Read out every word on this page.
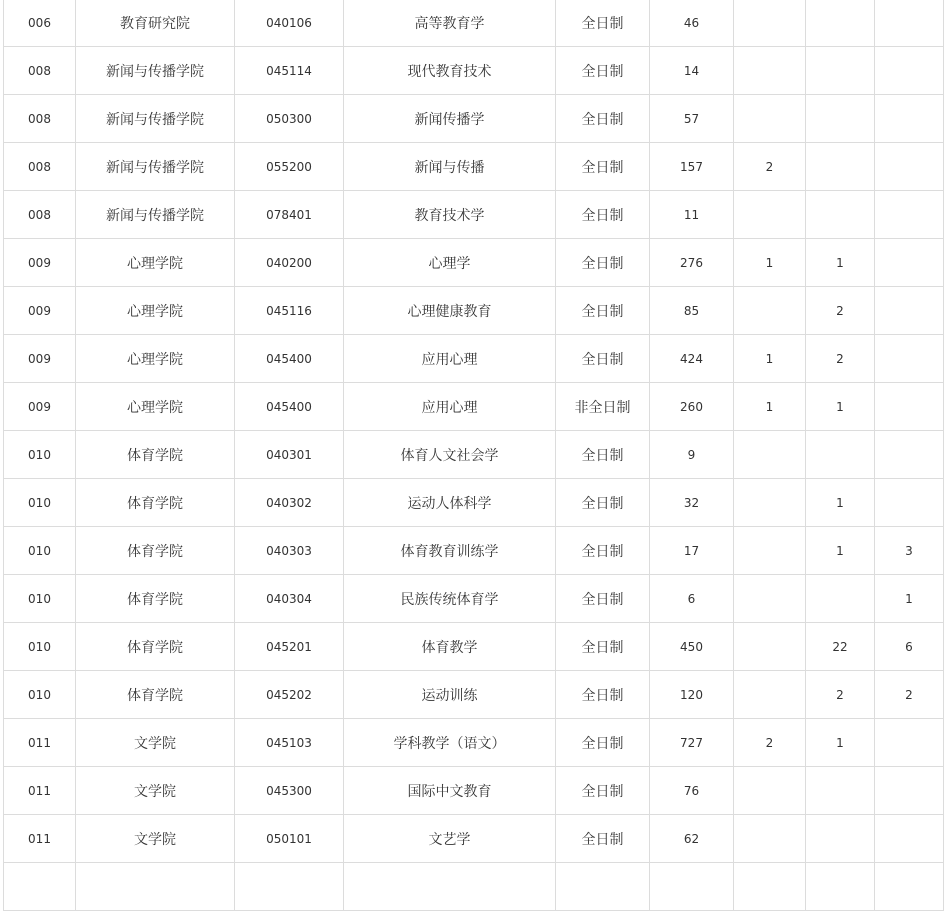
006	教育研究院	040106	高等教育学	全日制	46			
008	新闻与传播学院	045114	现代教育技术	全日制	14			
008	新闻与传播学院	050300	新闻传播学	全日制	57			
008	新闻与传播学院	055200	新闻与传播	全日制	157	2		
008	新闻与传播学院	078401	教育技术学	全日制	11			
009	心理学院	040200	心理学	全日制	276	1	1	
009	心理学院	045116	心理健康教育	全日制	85		2	
009	心理学院	045400	应用心理	全日制	424	1	2	
009	心理学院	045400	应用心理	非全日制	260	1	1	
010	体育学院	040301	体育人文社会学	全日制	9			
010	体育学院	040302	运动人体科学	全日制	32		1	
010	体育学院	040303	体育教育训练学	全日制	17		1	3
010	体育学院	040304	民族传统体育学	全日制	6			1
010	体育学院	045201	体育教学	全日制	450		22	6
010	体育学院	045202	运动训练	全日制	120		2	2
011	文学院	045103	学科教学（语文）	全日制	727	2	1	
011	文学院	045300	国际中文教育	全日制	76			
011	文学院	050101	文艺学	全日制	62			
